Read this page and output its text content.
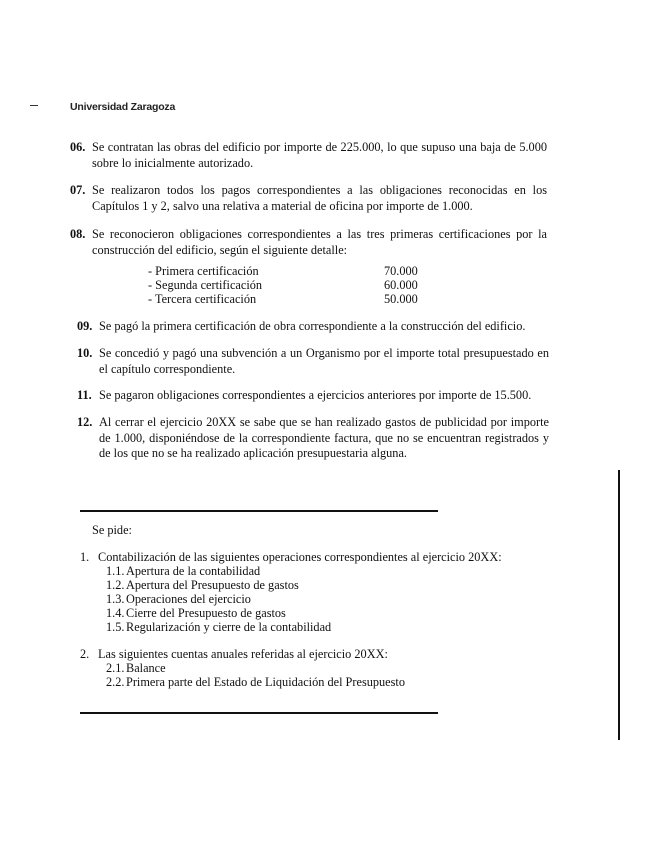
Universidad Zaragoza
06. Se contratan las obras del edificio por importe de 225.000, lo que supuso una baja de 5.000 sobre lo inicialmente autorizado.
07. Se realizaron todos los pagos correspondientes a las obligaciones reconocidas en los Capítulos 1 y 2, salvo una relativa a material de oficina por importe de 1.000.
08. Se reconocieron obligaciones correspondientes a las tres primeras certificaciones por la construcción del edificio, según el siguiente detalle:
- Primera certificación	70.000
- Segunda certificación	60.000
- Tercera certificación	50.000
09. Se pagó la primera certificación de obra correspondiente a la construcción del edificio.
10. Se concedió y pagó una subvención a un Organismo por el importe total presupuestado en el capítulo correspondiente.
11. Se pagaron obligaciones correspondientes a ejercicios anteriores por importe de 15.500.
12. Al cerrar el ejercicio 20XX se sabe que se han realizado gastos de publicidad por importe de 1.000, disponiéndose de la correspondiente factura, que no se encuentran registrados y de los que no se ha realizado aplicación presupuestaria alguna.
Se pide:
1. Contabilización de las siguientes operaciones correspondientes al ejercicio 20XX:
1.1. Apertura de la contabilidad
1.2. Apertura del Presupuesto de gastos
1.3. Operaciones del ejercicio
1.4. Cierre del Presupuesto de gastos
1.5. Regularización y cierre de la contabilidad
2. Las siguientes cuentas anuales referidas al ejercicio 20XX:
2.1. Balance
2.2. Primera parte del Estado de Liquidación del Presupuesto
